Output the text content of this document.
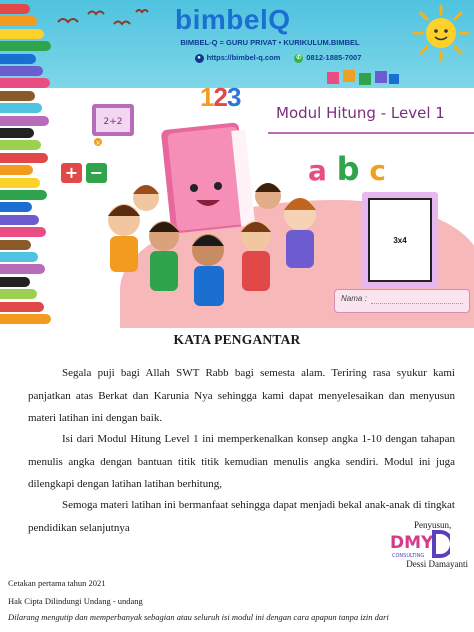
bimbelQ
BIMBEL-Q = GURU PRIVAT • KURIKULUM.BIMBEL
● https://bimbel-q.com	✆ 0812-1885-7007
123
Modul Hitung - Level 1
a b c
2+2
×
+ −
3x4
Nama :
KATA PENGANTAR

Segala puji bagi Allah SWT Rabb bagi semesta alam. Teriring rasa syukur kami panjatkan atas Berkat dan Karunia Nya sehingga kami dapat menyelesaikan dan menyusun materi latihan ini dengan baik.

Isi dari Modul Hitung Level 1 ini memperkenalkan konsep angka 1-10 dengan tahapan menulis angka dengan bantuan titik titik kemudian menulis angka sendiri. Modul ini juga dilengkapi dengan latihan latihan berhitung,

Semoga materi latihan ini bermanfaat sehingga dapat menjadi bekal anak-anak di tingkat pendidikan selanjutnya	Penyusun,
DMY
CONSULTING
Dessi Damayanti
Cetakan pertama tahun 2021
Hak Cipta Dilindungi Undang - undang
Dilarang mengutip dan memperbanyak sebagian atau seluruh isi modul ini dengan cara apapun tanpa izin dari
